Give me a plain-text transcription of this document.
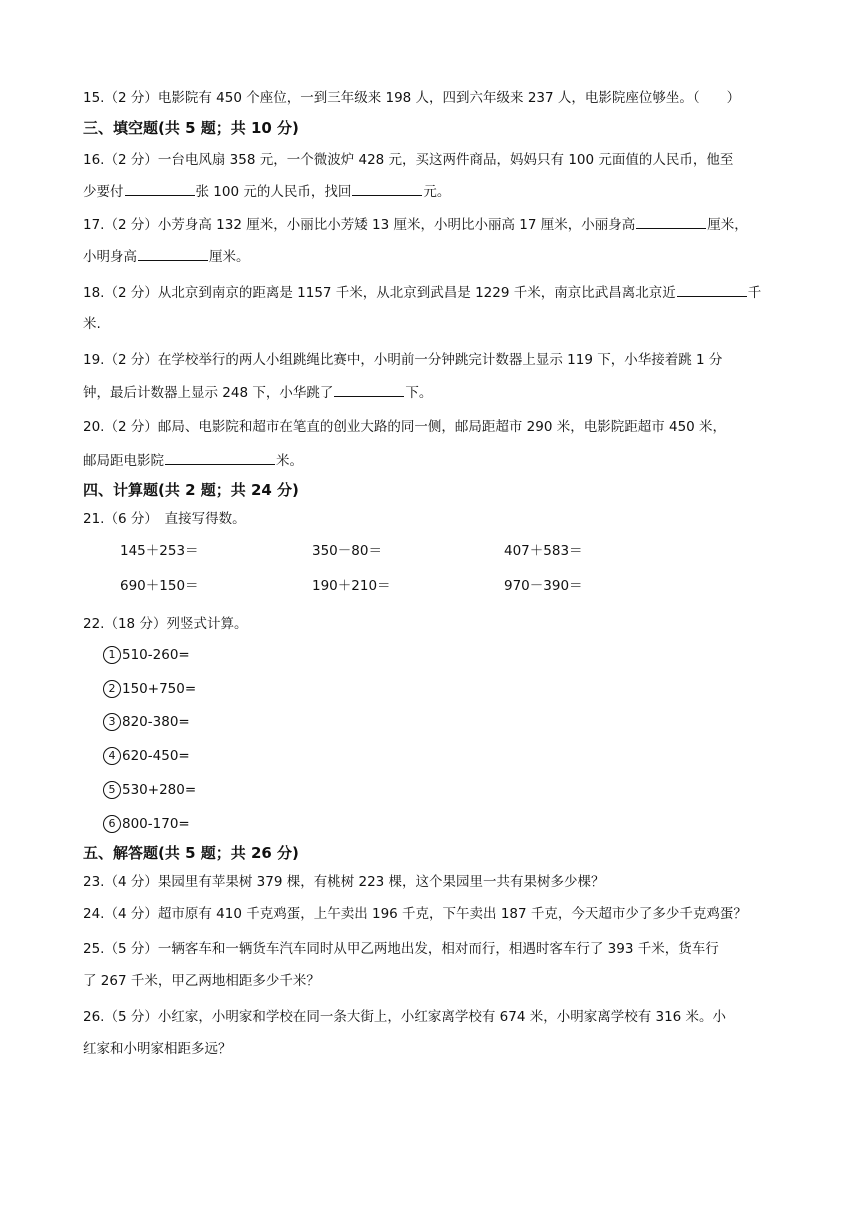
15.（2 分）电影院有 450 个座位，一到三年级来 198 人，四到六年级来 237 人，电影院座位够坐。（　　）
三、填空题(共 5 题；共 10 分)
16.（2 分）一台电风扇 358 元，一个微波炉 428 元，买这两件商品，妈妈只有 100 元面值的人民币，他至
少要付	张 100 元的人民币，找回	元。
17.（2 分）小芳身高 132 厘米，小丽比小芳矮 13 厘米，小明比小丽高 17 厘米，小丽身高	厘米，
小明身高	厘米。
18.（2 分）从北京到南京的距离是 1157 千米，从北京到武昌是 1229 千米，南京比武昌离北京近	千
米.
19.（2 分）在学校举行的两人小组跳绳比赛中，小明前一分钟跳完计数器上显示 119 下，小华接着跳 1 分
钟，最后计数器上显示 248 下，小华跳了	下。
20.（2 分）邮局、电影院和超市在笔直的创业大路的同一侧，邮局距超市 290 米，电影院距超市 450 米，
邮局距电影院	米。
四、计算题(共 2 题；共 24 分)
21.（6 分）　直接写得数。
145＋253＝	350－80＝	407＋583＝
690＋150＝	190＋210＝	970－390＝
22.（18 分）列竖式计算。
1 510-260=
2 150+750=
3 820-380=
4 620-450=
5 530+280=
6 800-170=
五、解答题(共 5 题；共 26 分)
23.（4 分）果园里有苹果树 379 棵，有桃树 223 棵，这个果园里一共有果树多少棵？
24.（4 分）超市原有 410 千克鸡蛋，上午卖出 196 千克，下午卖出 187 千克，今天超市少了多少千克鸡蛋？
25.（5 分）一辆客车和一辆货车汽车同时从甲乙两地出发，相对而行，相遇时客车行了 393 千米，货车行
了 267 千米，甲乙两地相距多少千米？
26.（5 分）小红家，小明家和学校在同一条大街上，小红家离学校有 674 米，小明家离学校有 316 米。小
红家和小明家相距多远？
